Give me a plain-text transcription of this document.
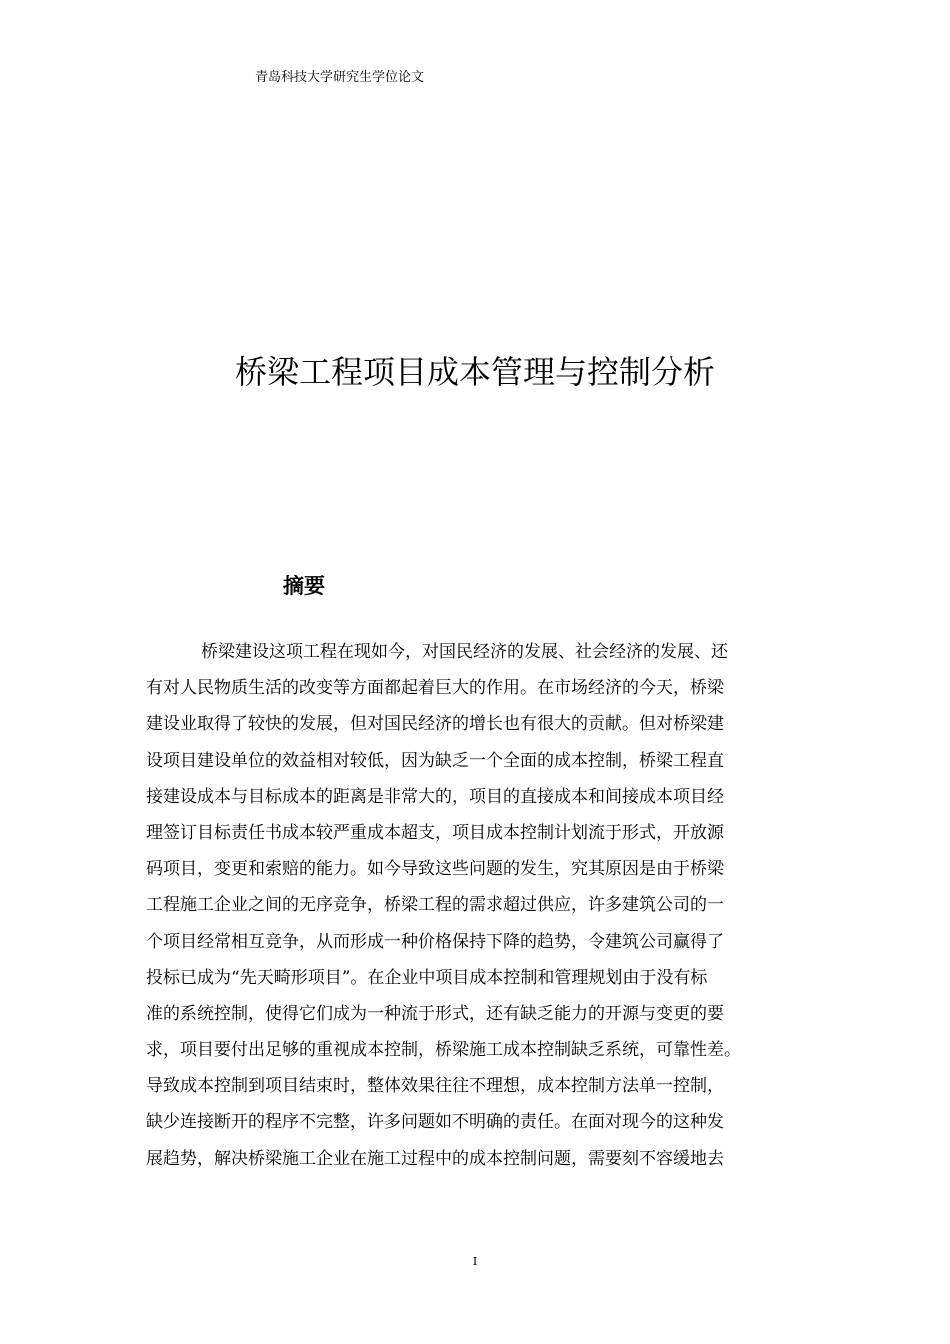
青岛科技大学研究生学位论文
桥梁工程项目成本管理与控制分析
摘要
桥梁建设这项工程在现如今，对国民经济的发展、社会经济的发展、还
有对人民物质生活的改变等方面都起着巨大的作用。在市场经济的今天，桥梁
建设业取得了较快的发展，但对国民经济的增长也有很大的贡献。但对桥梁建
设项目建设单位的效益相对较低，因为缺乏一个全面的成本控制，桥梁工程直
接建设成本与目标成本的距离是非常大的，项目的直接成本和间接成本项目经
理签订目标责任书成本较严重成本超支，项目成本控制计划流于形式，开放源
码项目，变更和索赔的能力。如今导致这些问题的发生，究其原因是由于桥梁
工程施工企业之间的无序竞争，桥梁工程的需求超过供应，许多建筑公司的一
个项目经常相互竞争，从而形成一种价格保持下降的趋势，令建筑公司赢得了
投标已成为“先天畸形项目”。在企业中项目成本控制和管理规划由于没有标
准的系统控制，使得它们成为一种流于形式，还有缺乏能力的开源与变更的要
求，项目要付出足够的重视成本控制，桥梁施工成本控制缺乏系统，可靠性差。
导致成本控制到项目结束时，整体效果往往不理想，成本控制方法单一控制，
缺少连接断开的程序不完整，许多问题如不明确的责任。在面对现今的这种发
展趋势，解决桥梁施工企业在施工过程中的成本控制问题，需要刻不容缓地去
I
